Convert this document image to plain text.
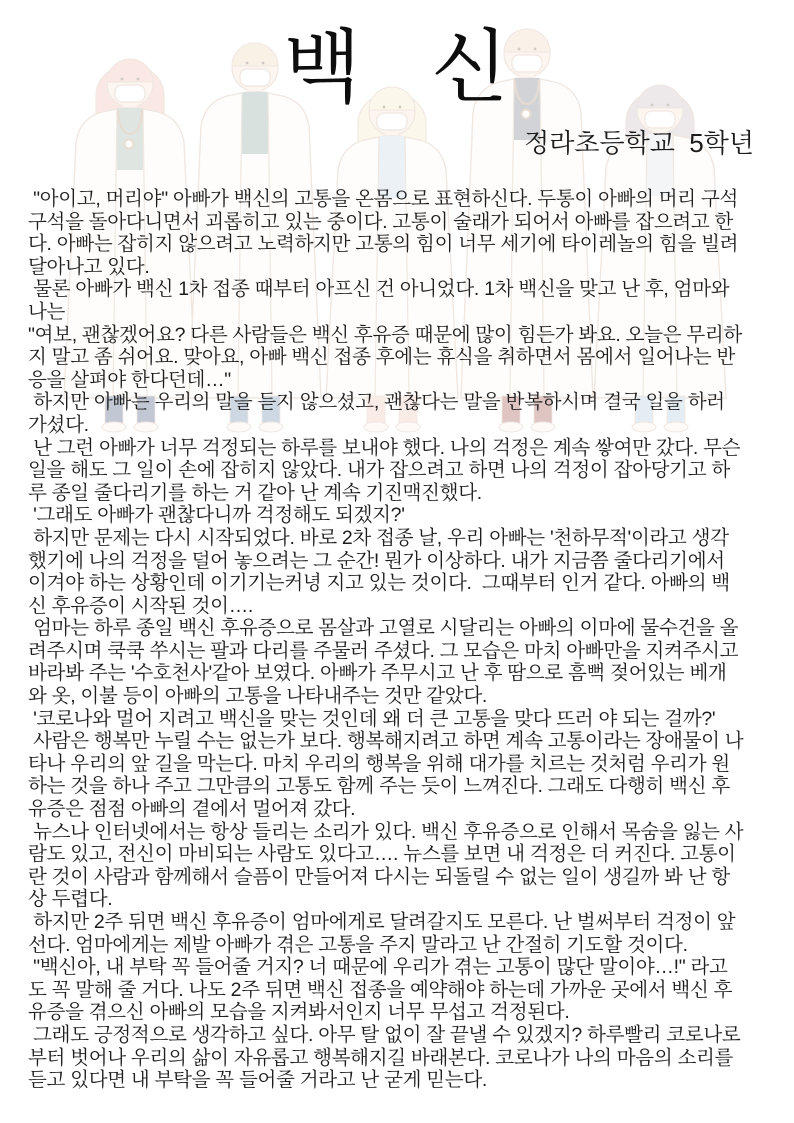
백 신
정라초등학교  5학년
"아이고, 머리야" 아빠가 백신의 고통을 온몸으로 표현하신다. 두통이 아빠의 머리 구석
구석을 돌아다니면서 괴롭히고 있는 중이다. 고통이 술래가 되어서 아빠를 잡으려고 한
다. 아빠는 잡히지 않으려고 노력하지만 고통의 힘이 너무 세기에 타이레놀의 힘을 빌려
달아나고 있다.
물론 아빠가 백신 1차 접종 때부터 아프신 건 아니었다. 1차 백신을 맞고 난 후, 엄마와
나는
"여보, 괜찮겠어요? 다른 사람들은 백신 후유증 때문에 많이 힘든가 봐요. 오늘은 무리하
지 말고 좀 쉬어요. 맞아요, 아빠 백신 접종 후에는 휴식을 취하면서 몸에서 일어나는 반
응을 살펴야 한다던데…"
하지만 아빠는 우리의 말을 듣지 않으셨고, 괜찮다는 말을 반복하시며 결국 일을 하러
가셨다.
난 그런 아빠가 너무 걱정되는 하루를 보내야 했다. 나의 걱정은 계속 쌓여만 갔다. 무슨
일을 해도 그 일이 손에 잡히지 않았다. 내가 잡으려고 하면 나의 걱정이 잡아당기고 하
루 종일 줄다리기를 하는 거 같아 난 계속 기진맥진했다.
'그래도 아빠가 괜찮다니까 걱정해도 되겠지?'
하지만 문제는 다시 시작되었다. 바로 2차 접종 날, 우리 아빠는 '천하무적'이라고 생각
했기에 나의 걱정을 덜어 놓으려는 그 순간! 뭔가 이상하다. 내가 지금쯤 줄다리기에서
이겨야 하는 상황인데 이기기는커녕 지고 있는 것이다.  그때부터 인거 같다. 아빠의 백
신 후유증이 시작된 것이….
엄마는 하루 종일 백신 후유증으로 몸살과 고열로 시달리는 아빠의 이마에 물수건을 올
려주시며 쿡쿡 쑤시는 팔과 다리를 주물러 주셨다. 그 모습은 마치 아빠만을 지켜주시고
바라봐 주는 '수호천사'같아 보였다. 아빠가 주무시고 난 후 땀으로 흠뻑 젖어있는 베개
와 옷, 이불 등이 아빠의 고통을 나타내주는 것만 같았다.
'코로나와 멀어 지려고 백신을 맞는 것인데 왜 더 큰 고통을 맞다 뜨러 야 되는 걸까?'
사람은 행복만 누릴 수는 없는가 보다. 행복해지려고 하면 계속 고통이라는 장애물이 나
타나 우리의 앞 길을 막는다. 마치 우리의 행복을 위해 대가를 치르는 것처럼 우리가 원
하는 것을 하나 주고 그만큼의 고통도 함께 주는 듯이 느껴진다. 그래도 다행히 백신 후
유증은 점점 아빠의 곁에서 멀어져 갔다.
뉴스나 인터넷에서는 항상 들리는 소리가 있다. 백신 후유증으로 인해서 목숨을 잃는 사
람도 있고, 전신이 마비되는 사람도 있다고…. 뉴스를 보면 내 걱정은 더 커진다. 고통이
란 것이 사람과 함께해서 슬픔이 만들어져 다시는 되돌릴 수 없는 일이 생길까 봐 난 항
상 두렵다.
하지만 2주 뒤면 백신 후유증이 엄마에게로 달려갈지도 모른다. 난 벌써부터 걱정이 앞
선다. 엄마에게는 제발 아빠가 겪은 고통을 주지 말라고 난 간절히 기도할 것이다.
"백신아, 내 부탁 꼭 들어줄 거지? 너 때문에 우리가 겪는 고통이 많단 말이야…!" 라고
도 꼭 말해 줄 거다. 나도 2주 뒤면 백신 접종을 예약해야 하는데 가까운 곳에서 백신 후
유증을 겪으신 아빠의 모습을 지켜봐서인지 너무 무섭고 걱정된다.
그래도 긍정적으로 생각하고 싶다. 아무 탈 없이 잘 끝낼 수 있겠지? 하루빨리 코로나로
부터 벗어나 우리의 삶이 자유롭고 행복해지길 바래본다. 코로나가 나의 마음의 소리를
듣고 있다면 내 부탁을 꼭 들어줄 거라고 난 굳게 믿는다.
